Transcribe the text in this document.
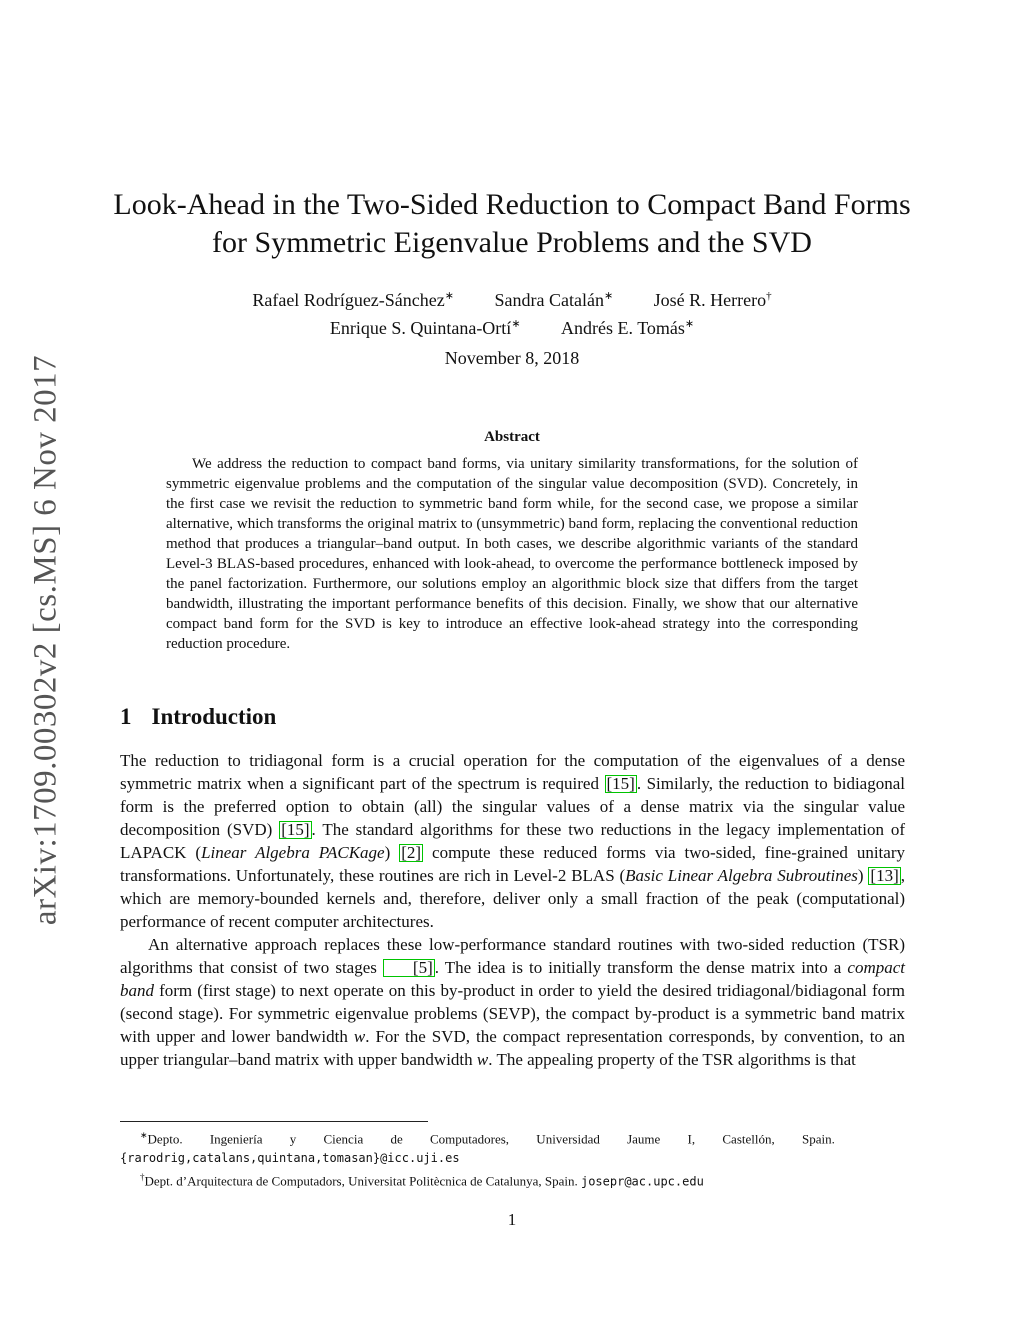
arXiv:1709.00302v2 [cs.MS] 6 Nov 2017
Look-Ahead in the Two-Sided Reduction to Compact Band Forms
for Symmetric Eigenvalue Problems and the SVD
Rafael Rodríguez-Sánchez∗ Sandra Catalán∗ José R. Herrero†
Enrique S. Quintana-Ortí∗ Andrés E. Tomás∗
November 8, 2018
Abstract

We address the reduction to compact band forms, via unitary similarity transformations, for the solution of symmetric eigenvalue problems and the computation of the singular value decomposition (SVD). Concretely, in the first case we revisit the reduction to symmetric band form while, for the second case, we propose a similar alternative, which transforms the original matrix to (unsymmetric) band form, replacing the conventional reduction method that produces a triangular–band output. In both cases, we describe algorithmic variants of the standard Level-3 BLAS-based procedures, enhanced with look-ahead, to overcome the performance bottleneck imposed by the panel factorization. Furthermore, our solutions employ an algorithmic block size that differs from the target bandwidth, illustrating the important performance benefits of this decision. Finally, we show that our alternative compact band form for the SVD is key to introduce an effective look-ahead strategy into the corresponding reduction procedure.

1 Introduction

The reduction to tridiagonal form is a crucial operation for the computation of the eigenvalues of a dense symmetric matrix when a significant part of the spectrum is required [15] . Similarly, the reduction to bidiagonal form is the preferred option to obtain (all) the singular values of a dense matrix via the singular value decomposition (SVD) [15] . The standard algorithms for these two reductions in the legacy implementation of LAPACK (Linear Algebra PACKage) [2] compute these reduced forms via two-sided, fine-grained unitary transformations. Unfortunately, these routines are rich in Level-2 BLAS (Basic Linear Algebra Subroutines) [13] , which are memory-bounded kernels and, therefore, deliver only a small fraction of the peak (computational) performance of recent computer architectures.

An alternative approach replaces these low-performance standard routines with two-sided reduction (TSR) algorithms that consist of two stages [5] . The idea is to initially transform the dense matrix into a compact band form (first stage) to next operate on this by-product in order to yield the desired tridiagonal/bidiagonal form (second stage). For symmetric eigenvalue problems (SEVP), the compact by-product is a symmetric band matrix with upper and lower bandwidth w. For the SVD, the compact representation corresponds, by convention, to an upper triangular–band matrix with upper bandwidth w. The appealing property of the TSR algorithms is that

∗Depto. Ingeniería y Ciencia de Computadores, Universidad Jaume I, Castellón, Spain.
{rarodrig,catalans,quintana,tomasan}@icc.uji.es

†Dept. d’Arquitectura de Computadors, Universitat Politècnica de Catalunya, Spain. josepr@ac.upc.edu

1
